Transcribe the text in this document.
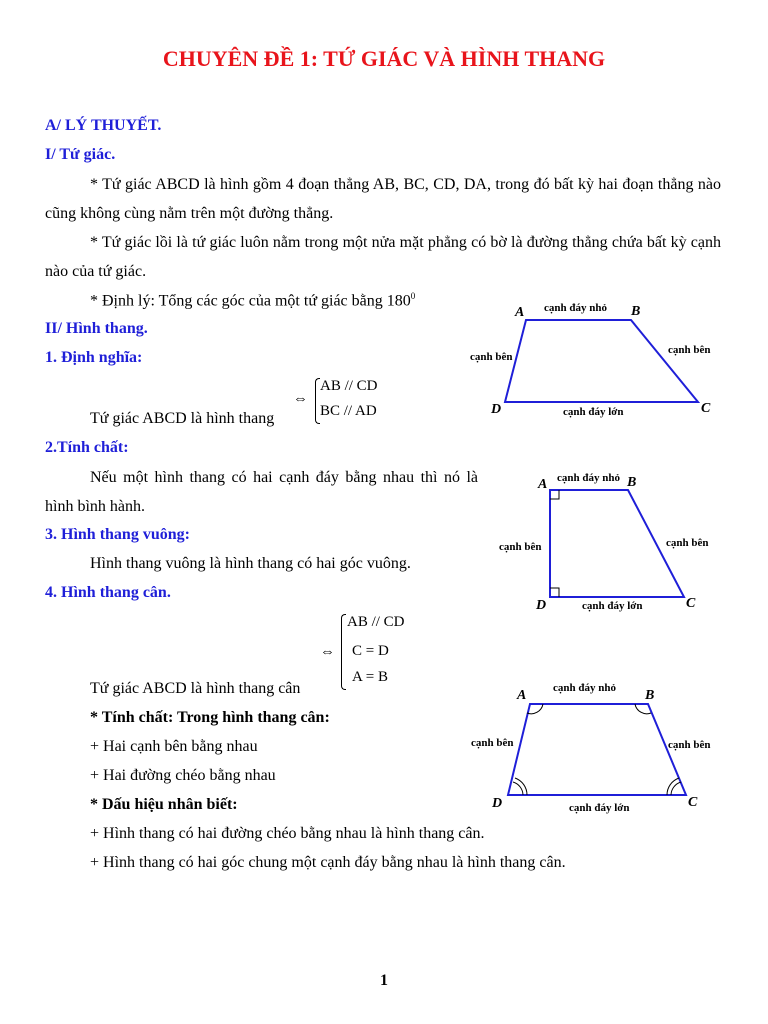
CHUYÊN ĐỀ 1: TỨ GIÁC VÀ HÌNH THANG
A/ LÝ THUYẾT.
I/ Tứ giác.
* Tứ giác ABCD là hình gồm 4 đoạn thẳng AB, BC, CD, DA, trong đó bất kỳ hai đoạn thẳng nào cũng không cùng nằm trên một đường thẳng.
* Tứ giác lồi là tứ giác luôn nằm trong một nửa mặt phẳng có bờ là đường thẳng chứa bất kỳ cạnh nào của tứ giác.
* Định lý: Tổng các góc của một tứ giác bằng $180^0$
II/ Hình thang.
1. Định nghĩa:
⇔
AB // CD
BC // AD
Tứ giác ABCD là hình thang
2.Tính chất:
Nếu một hình thang có hai cạnh đáy bằng nhau thì nó là hình bình hành.
3. Hình thang vuông:
Hình thang vuông là hình thang có hai góc vuông.
4. Hình thang cân.
⇔
AB // CD
C = D
A = B
Tứ giác ABCD là hình thang cân
* Tính chất: Trong hình thang cân:
+ Hai cạnh bên bằng nhau
+ Hai đường chéo bằng nhau
* Dấu hiệu nhân biết:
+ Hình thang có hai đường chéo bằng nhau là hình thang cân.
+ Hình thang có hai góc chung một cạnh đáy bằng nhau là hình thang cân.
A	B
C
D
cạnh đáy nhỏ
cạnh đáy lớn
cạnh bên
cạnh bên
A	B
C
D
cạnh đáy nhỏ
cạnh đáy lớn
cạnh bên	cạnh bên
A	B
C
D
cạnh đáy nhỏ
cạnh đáy lớn
cạnh bên	cạnh bên
1
